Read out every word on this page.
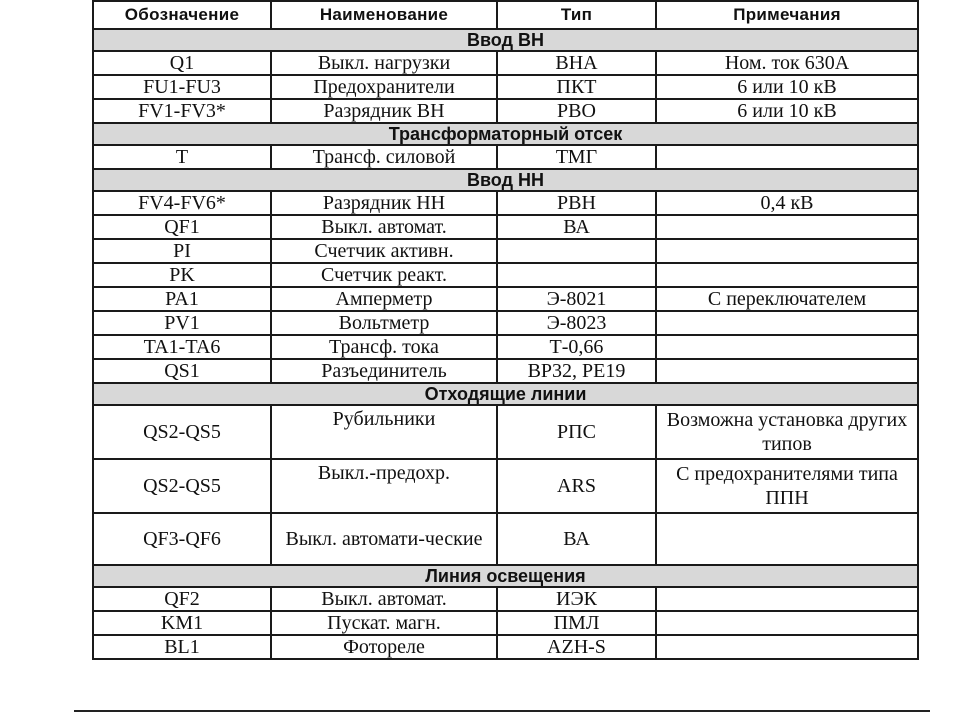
Обозначение	Наименование	Тип	Примечания
Ввод ВН			
Q1	Выкл. нагрузки	ВНА	Ном. ток 630А
FU1-FU3	Предохранители	ПКТ	6 или 10 кВ
FV1-FV3*	Разрядник ВН	РВО	6 или 10 кВ
Трансформаторный отсек			
Т	Трансф. силовой	ТМГ	
Ввод НН			
FV4-FV6*	Разрядник НН	РВН	0,4 кВ
QF1	Выкл. автомат.	ВА	
PI	Счетчик активн.		
PK	Счетчик реакт.		
PA1	Амперметр	Э-8021	С переключателем
PV1	Вольтметр	Э-8023	
TA1-TA6	Трансф. тока	Т-0,66	
QS1	Разъединитель	ВР32, РЕ19	
Отходящие линии			
QS2-QS5	Рубильники	РПС	Возможна установка других типов
QS2-QS5	Выкл.-предохр.	ARS	С предохранителями типа ППН
QF3-QF6	Выкл. автомати-ческие	ВА	
Линия освещения			
QF2	Выкл. автомат.	ИЭК	
KM1	Пускат. магн.	ПМЛ	
BL1	Фотореле	AZH-S	
